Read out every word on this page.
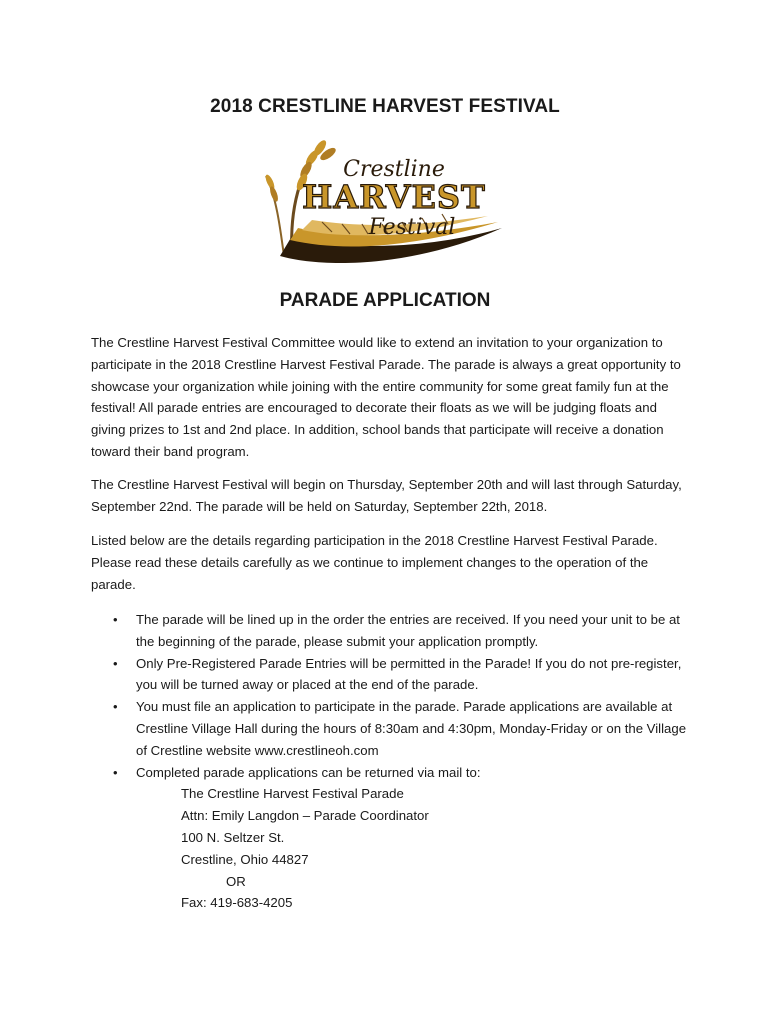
2018 CRESTLINE HARVEST FESTIVAL
Crestline
HARVEST
Festival
PARADE APPLICATION
The Crestline Harvest Festival Committee would like to extend an invitation to your organization to participate in the 2018 Crestline Harvest Festival Parade. The parade is always a great opportunity to showcase your organization while joining with the entire community for some great family fun at the festival! All parade entries are encouraged to decorate their floats as we will be judging floats and giving prizes to 1st and 2nd place. In addition, school bands that participate will receive a donation toward their band program.
The Crestline Harvest Festival will begin on Thursday, September 20th and will last through Saturday, September 22nd. The parade will be held on Saturday, September 22th, 2018.
Listed below are the details regarding participation in the 2018 Crestline Harvest Festival Parade. Please read these details carefully as we continue to implement changes to the operation of the parade.
• The parade will be lined up in the order the entries are received. If you need your unit to be at the beginning of the parade, please submit your application promptly.
• Only Pre-Registered Parade Entries will be permitted in the Parade! If you do not pre-register, you will be turned away or placed at the end of the parade.
• You must file an application to participate in the parade. Parade applications are available at Crestline Village Hall during the hours of 8:30am and 4:30pm, Monday-Friday or on the Village of Crestline website www.crestlineoh.com
• Completed parade applications can be returned via mail to:
The Crestline Harvest Festival Parade
Attn: Emily Langdon – Parade Coordinator
100 N. Seltzer St.
Crestline, Ohio 44827
OR
Fax: 419-683-4205
